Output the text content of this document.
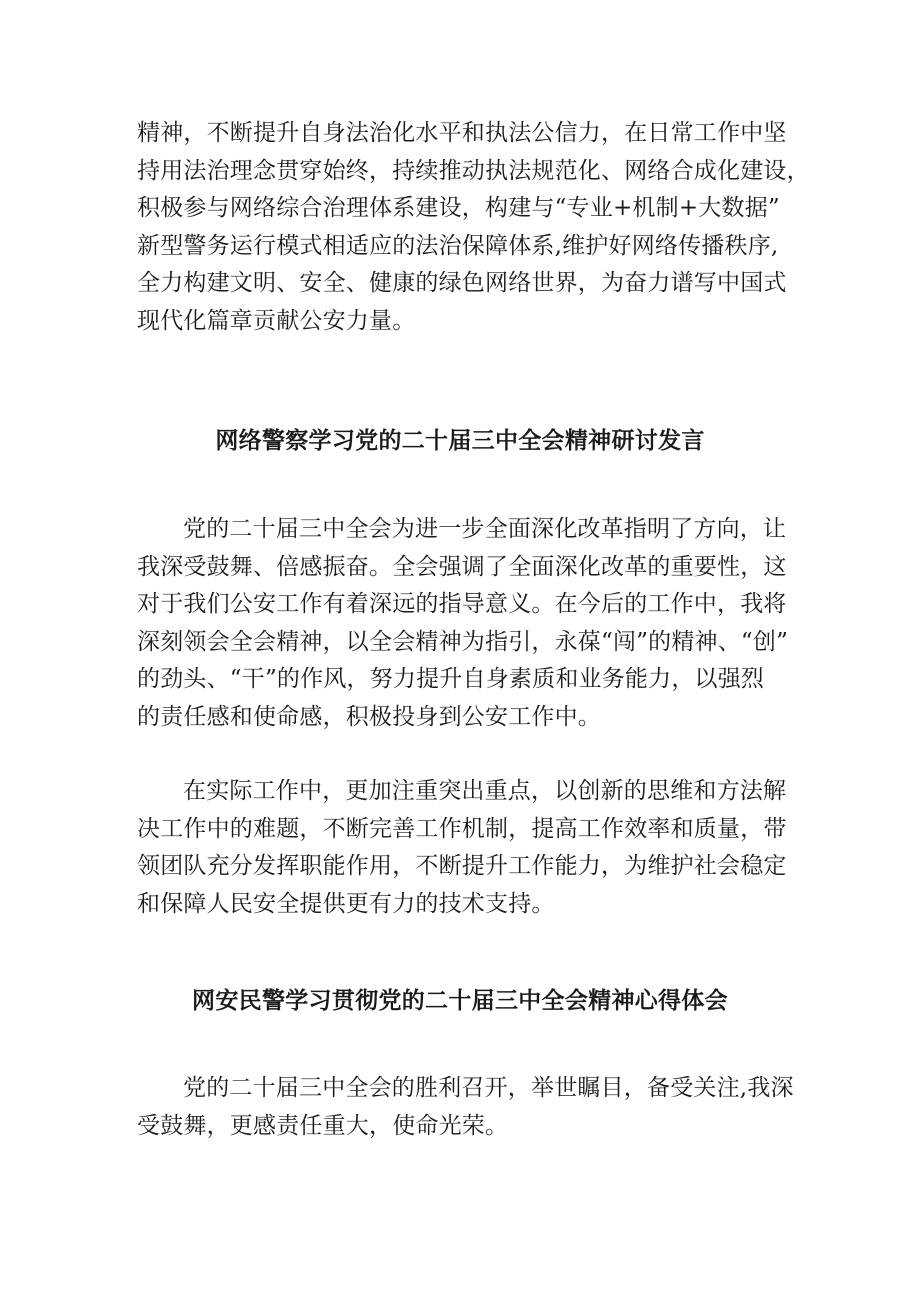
精神，不断提升自身法治化水平和执法公信力，在日常工作中坚
持用法治理念贯穿始终，持续推动执法规范化、网络合成化建设，
积极参与网络综合治理体系建设，构建与“专业+机制+大数据”
新型警务运行模式相适应的法治保障体系,维护好网络传播秩序,
全力构建文明、安全、健康的绿色网络世界，为奋力谱写中国式
现代化篇章贡献公安力量。
网络警察学习党的二十届三中全会精神研讨发言
党的二十届三中全会为进一步全面深化改革指明了方向，让
我深受鼓舞、倍感振奋。全会强调了全面深化改革的重要性，这
对于我们公安工作有着深远的指导意义。在今后的工作中，我将
深刻领会全会精神，以全会精神为指引，永葆“闯”的精神、“创”
的劲头、“干”的作风，努力提升自身素质和业务能力，以强烈
的责任感和使命感，积极投身到公安工作中。
在实际工作中，更加注重突出重点，以创新的思维和方法解
决工作中的难题，不断完善工作机制，提高工作效率和质量，带
领团队充分发挥职能作用，不断提升工作能力，为维护社会稳定
和保障人民安全提供更有力的技术支持。
网安民警学习贯彻党的二十届三中全会精神心得体会
党的二十届三中全会的胜利召开，举世瞩目，备受关注,我深
受鼓舞，更感责任重大，使命光荣。
